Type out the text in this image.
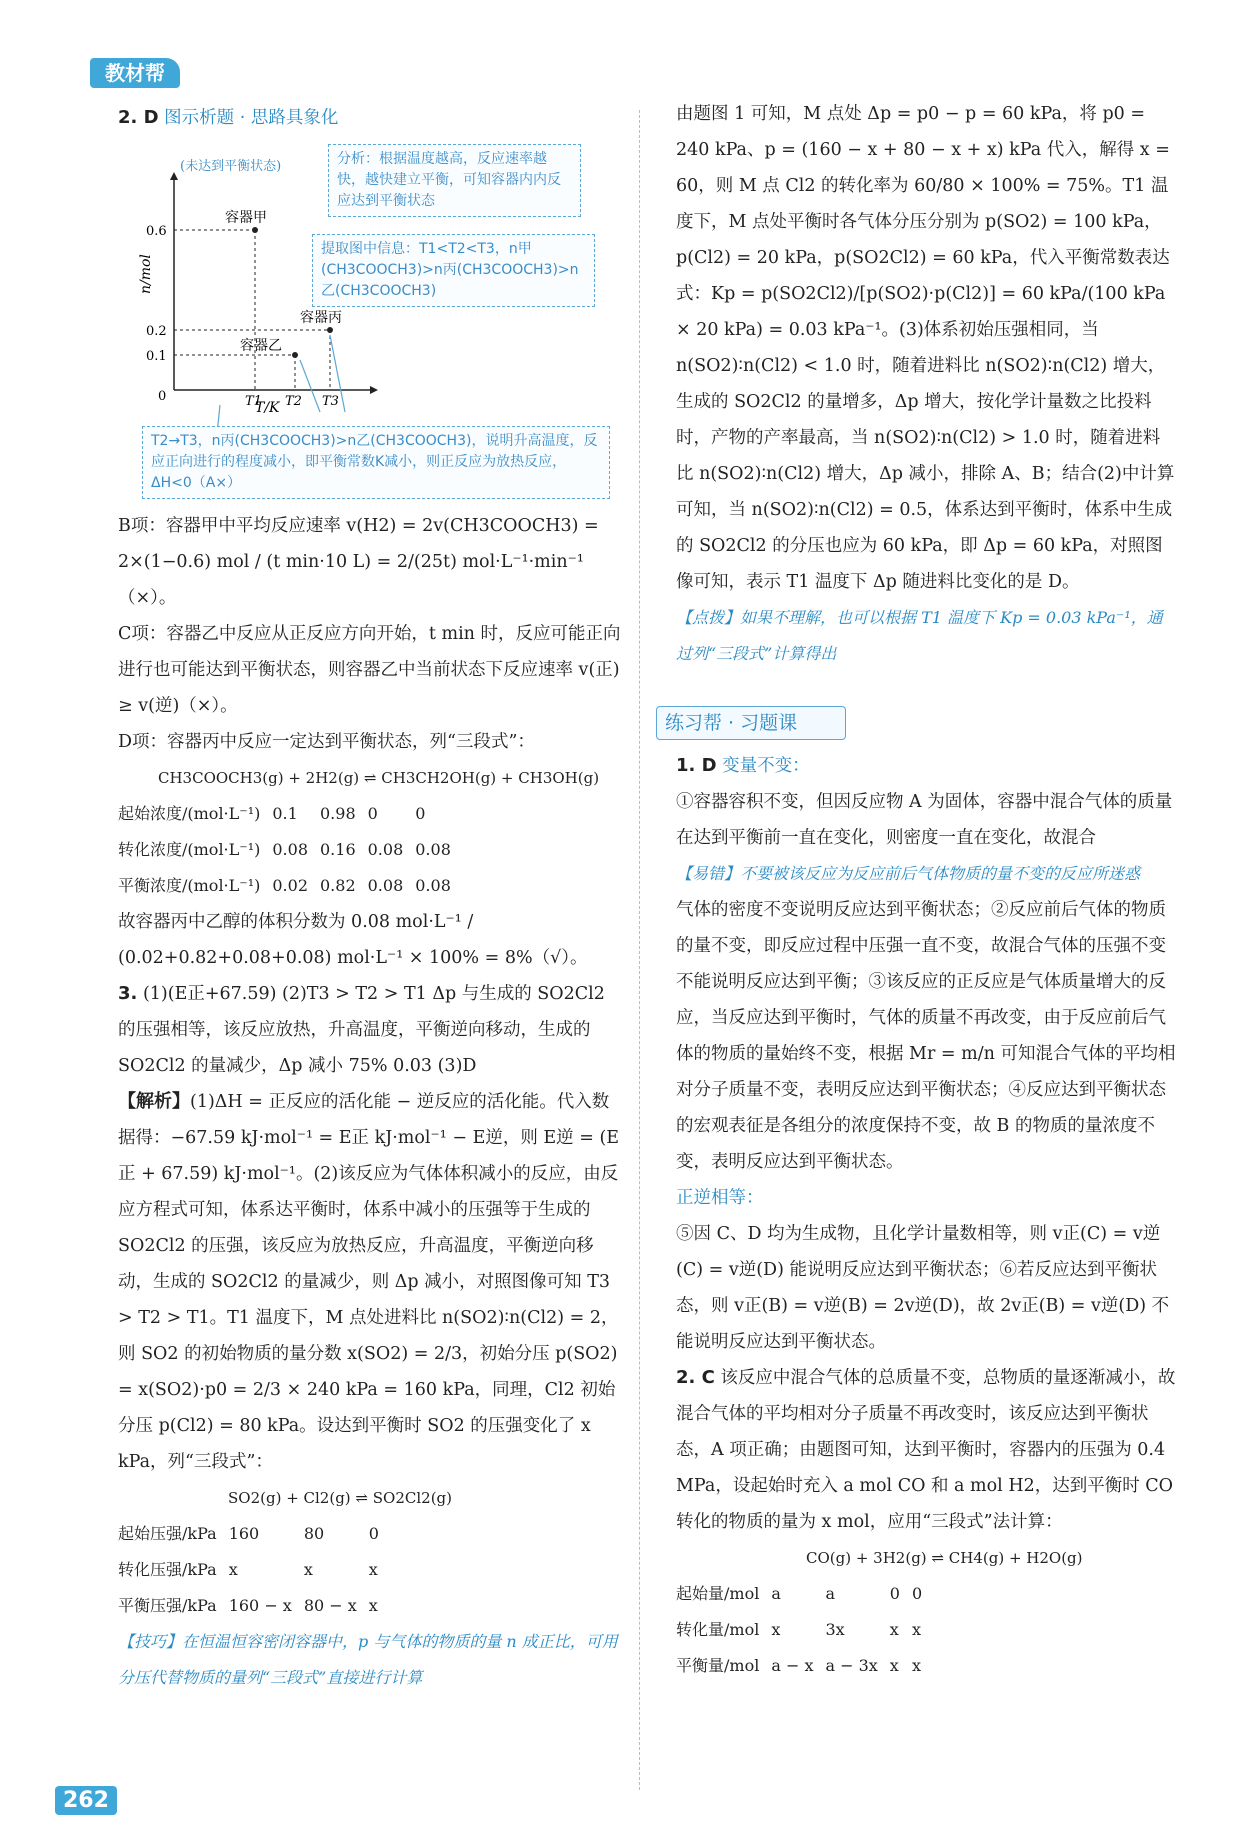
教材帮

2. D 图示析题 · 思路具象化

n/mol
T/K
(未达到平衡状态)
容器甲
容器乙
容器丙
0.6
0.2
0.1
0	T1 T2 T3
分析：根据温度越高，反应速率越快，越快建立平衡，可知容器内内反应达到平衡状态
提取图中信息：T1<T2<T3，n甲(CH3COOCH3)>n丙(CH3COOCH3)>n乙(CH3COOCH3)
T2→T3，n丙(CH3COOCH3)>n乙(CH3COOCH3)，说明升高温度，反应正向进行的程度减小，即平衡常数K减小，则正反应为放热反应，ΔH<0（A×）

B项：容器甲中平均反应速率 v(H2) = 2v(CH3COOCH3) = 2×(1−0.6) mol / (t min·10 L) = 2/(25t) mol·L⁻¹·min⁻¹（×）。

C项：容器乙中反应从正反应方向开始，t min 时，反应可能正向进行也可能达到平衡状态，则容器乙中当前状态下反应速率 v(正) ≥ v(逆)（×）。

D项：容器丙中反应一定达到平衡状态，列“三段式”：

CH3COOCH3(g) + 2H2(g) ⇌ CH3CH2OH(g) + CH3OH(g)

起始浓度/(mol·L⁻¹)	0.1	0.98	0	0
转化浓度/(mol·L⁻¹)	0.08	0.16	0.08	0.08
平衡浓度/(mol·L⁻¹)	0.02	0.82	0.08	0.08

故容器丙中乙醇的体积分数为 0.08 mol·L⁻¹ / (0.02+0.82+0.08+0.08) mol·L⁻¹ × 100% = 8%（√）。

3. (1)(E正+67.59) (2)T3 > T2 > T1 Δp 与生成的 SO2Cl2 的压强相等，该反应放热，升高温度，平衡逆向移动，生成的 SO2Cl2 的量减少，Δp 减小 75% 0.03 (3)D

【解析】(1)ΔH = 正反应的活化能 − 逆反应的活化能。代入数据得：−67.59 kJ·mol⁻¹ = E正 kJ·mol⁻¹ − E逆，则 E逆 = (E正 + 67.59) kJ·mol⁻¹。(2)该反应为气体体积减小的反应，由反应方程式可知，体系达平衡时，体系中减小的压强等于生成的 SO2Cl2 的压强，该反应为放热反应，升高温度，平衡逆向移动，生成的 SO2Cl2 的量减少，则 Δp 减小，对照图像可知 T3 > T2 > T1。T1 温度下，M 点处进料比 n(SO2)∶n(Cl2) = 2，则 SO2 的初始物质的量分数 x(SO2) = 2/3，初始分压 p(SO2) = x(SO2)·p0 = 2/3 × 240 kPa = 160 kPa，同理，Cl2 初始分压 p(Cl2) = 80 kPa。设达到平衡时 SO2 的压强变化了 x kPa，列“三段式”：

SO2(g) + Cl2(g) ⇌ SO2Cl2(g)

起始压强/kPa	160	80	0
转化压强/kPa	x	x	x
平衡压强/kPa	160 − x	80 − x	x

【技巧】在恒温恒容密闭容器中，p 与气体的物质的量 n 成正比，可用分压代替物质的量列“三段式”直接进行计算

由题图 1 可知，M 点处 Δp = p0 − p = 60 kPa，将 p0 = 240 kPa、p = (160 − x + 80 − x + x) kPa 代入，解得 x = 60，则 M 点 Cl2 的转化率为 60/80 × 100% = 75%。T1 温度下，M 点处平衡时各气体分压分别为 p(SO2) = 100 kPa，p(Cl2) = 20 kPa，p(SO2Cl2) = 60 kPa，代入平衡常数表达式：Kp = p(SO2Cl2)/[p(SO2)·p(Cl2)] = 60 kPa/(100 kPa × 20 kPa) = 0.03 kPa⁻¹。(3)体系初始压强相同，当 n(SO2)∶n(Cl2) < 1.0 时，随着进料比 n(SO2)∶n(Cl2) 增大，生成的 SO2Cl2 的量增多，Δp 增大，按化学计量数之比投料时，产物的产率最高，当 n(SO2)∶n(Cl2) > 1.0 时，随着进料比 n(SO2)∶n(Cl2) 增大，Δp 减小，排除 A、B；结合(2)中计算可知，当 n(SO2)∶n(Cl2) = 0.5，体系达到平衡时，体系中生成的 SO2Cl2 的分压也应为 60 kPa，即 Δp = 60 kPa，对照图像可知，表示 T1 温度下 Δp 随进料比变化的是 D。

【点拨】如果不理解，也可以根据 T1 温度下 Kp = 0.03 kPa⁻¹，通过列“三段式”计算得出

练习帮 · 习题课

1. D 变量不变：

①容器容积不变，但因反应物 A 为固体，容器中混合气体的质量在达到平衡前一直在变化，则密度一直在变化，故混合

【易错】不要被该反应为反应前后气体物质的量不变的反应所迷惑

气体的密度不变说明反应达到平衡状态；②反应前后气体的物质的量不变，即反应过程中压强一直不变，故混合气体的压强不变不能说明反应达到平衡；③该反应的正反应是气体质量增大的反应，当反应达到平衡时，气体的质量不再改变，由于反应前后气体的物质的量始终不变，根据 Mr = m/n 可知混合气体的平均相对分子质量不变，表明反应达到平衡状态；④反应达到平衡状态的宏观表征是各组分的浓度保持不变，故 B 的物质的量浓度不变，表明反应达到平衡状态。

正逆相等：

⑤因 C、D 均为生成物，且化学计量数相等，则 v正(C) = v逆(C) = v逆(D) 能说明反应达到平衡状态；⑥若反应达到平衡状态，则 v正(B) = v逆(B) = 2v逆(D)，故 2v正(B) = v逆(D) 不能说明反应达到平衡状态。

2. C 该反应中混合气体的总质量不变，总物质的量逐渐减小，故混合气体的平均相对分子质量不再改变时，该反应达到平衡状态，A 项正确；由题图可知，达到平衡时，容器内的压强为 0.4 MPa，设起始时充入 a mol CO 和 a mol H2，达到平衡时 CO 转化的物质的量为 x mol，应用“三段式”法计算：

CO(g) + 3H2(g) ⇌ CH4(g) + H2O(g)

起始量/mol	a	a	0	0
转化量/mol	x	3x	x	x
平衡量/mol	a − x	a − 3x	x	x
262
